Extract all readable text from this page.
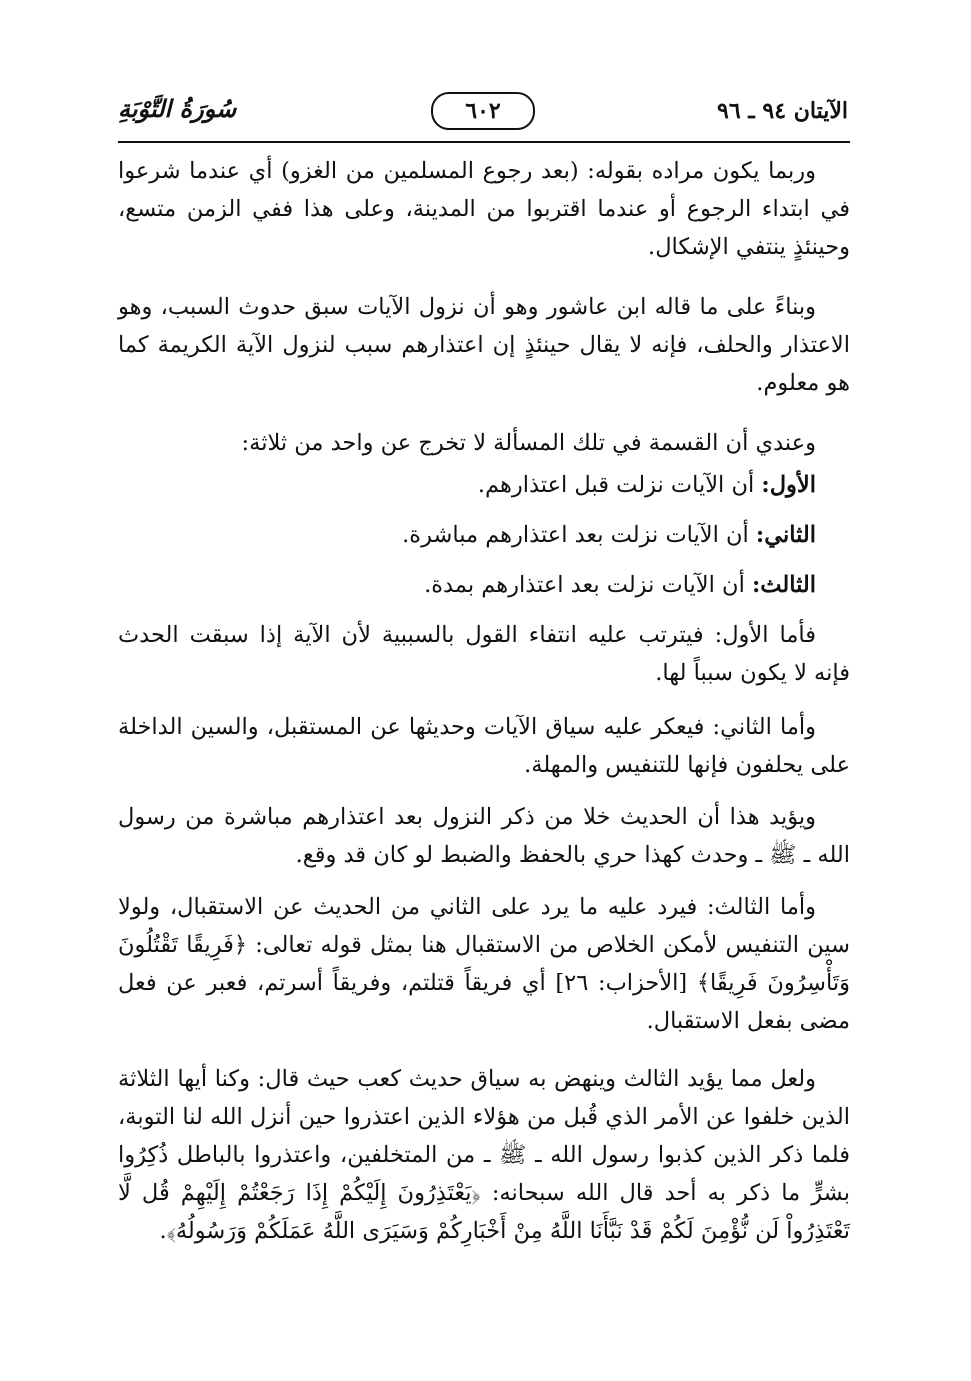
الآيتان ٩٤ ـ ٩٦
٦٠٢
سُورَةُ التَّوْبَةِ

وربما يكون مراده بقوله: (بعد رجوع المسلمين من الغزو) أي عندما شرعوا في ابتداء الرجوع أو عندما اقتربوا من المدينة، وعلى هذا ففي الزمن متسع، وحينئذٍ ينتفي الإشكال.

وبناءً على ما قاله ابن عاشور وهو أن نزول الآيات سبق حدوث السبب، وهو الاعتذار والحلف، فإنه لا يقال حينئذٍ إن اعتذارهم سبب لنزول الآية الكريمة كما هو معلوم.

وعندي أن القسمة في تلك المسألة لا تخرج عن واحد من ثلاثة:

الأول: أن الآيات نزلت قبل اعتذارهم.

الثاني: أن الآيات نزلت بعد اعتذارهم مباشرة.

الثالث: أن الآيات نزلت بعد اعتذارهم بمدة.

فأما الأول: فيترتب عليه انتفاء القول بالسببية لأن الآية إذا سبقت الحدث فإنه لا يكون سبباً لها.

وأما الثاني: فيعكر عليه سياق الآيات وحديثها عن المستقبل، والسين الداخلة على يحلفون فإنها للتنفيس والمهلة.

ويؤيد هذا أن الحديث خلا من ذكر النزول بعد اعتذارهم مباشرة من رسول الله ـ ﷺ ـ وحدث كهذا حري بالحفظ والضبط لو كان قد وقع.

وأما الثالث: فيرد عليه ما يرد على الثاني من الحديث عن الاستقبال، ولولا سين التنفيس لأمكن الخلاص من الاستقبال هنا بمثل قوله تعالى: ﴿فَرِيقًا تَقْتُلُونَ وَتَأْسِرُونَ فَرِيقًا﴾ [الأحزاب: ٢٦] أي فريقاً قتلتم، وفريقاً أسرتم، فعبر عن فعل مضى بفعل الاستقبال.

ولعل مما يؤيد الثالث وينهض به سياق حديث كعب حيث قال: وكنا أيها الثلاثة الذين خلفوا عن الأمر الذي قُبل من هؤلاء الذين اعتذروا حين أنزل الله لنا التوبة، فلما ذكر الذين كذبوا رسول الله ـ ﷺ ـ من المتخلفين، واعتذروا بالباطل ذُكِرُوا بشرٍّ ما ذكر به أحد قال الله سبحانه: ﴿يَعْتَذِرُونَ إِلَيْكُمْ إِذَا رَجَعْتُمْ إِلَيْهِمْ قُل لَّا تَعْتَذِرُواْ لَن نُّؤْمِنَ لَكُمْ قَدْ نَبَّأَنَا اللَّهُ مِنْ أَخْبَارِكُمْ وَسَيَرَى اللَّهُ عَمَلَكُمْ وَرَسُولُهُ﴾.
